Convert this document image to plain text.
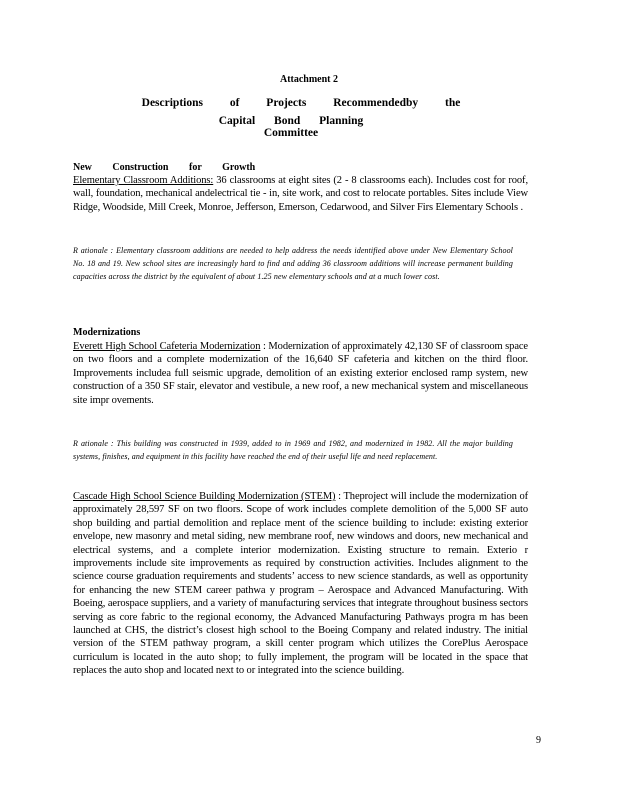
Attachment 2
Descriptions of Projects Recommendedby the
Capital Bond Planning Committee
New Construction for Growth
Elementary Classroom Additions: 36 classrooms at eight sites (2 - 8 classrooms each). Includes cost for roof, wall, foundation, mechanical andelectrical tie - in, site work, and cost to relocate portables. Sites include View Ridge, Woodside, Mill Creek, Monroe, Jefferson, Emerson, Cedarwood, and Silver Firs Elementary Schools .
R ationale : Elementary classroom additions are needed to help address the needs identified above under New Elementary School No. 18 and 19. New school sites are increasingly hard to find and adding 36 classroom additions will increase permanent building capacities across the district by the equivalent of about 1.25 new elementary schools and at a much lower cost.
Modernizations
Everett High School Cafeteria Modernization : Modernization of approximately 42,130 SF of classroom space on two floors and a complete modernization of the 16,640 SF cafeteria and kitchen on the third floor. Improvements includea full seismic upgrade, demolition of an existing exterior enclosed ramp system, new construction of a 350 SF stair, elevator and vestibule, a new roof, a new mechanical system and miscellaneous site impr ovements.
R ationale : This building was constructed in 1939, added to in 1969 and 1982, and modernized in 1982. All the major building systems, finishes, and equipment in this facility have reached the end of their useful life and need replacement.
Cascade High School Science Building Modernization (STEM) : Theproject will include the modernization of approximately 28,597 SF on two floors. Scope of work includes complete demolition of the 5,000 SF auto shop building and partial demolition and replace ment of the science building to include: existing exterior envelope, new masonry and metal siding, new membrane roof, new windows and doors, new mechanical and electrical systems, and a complete interior modernization. Existing structure to remain. Exterio r improvements include site improvements as required by construction activities. Includes alignment to the science course graduation requirements and students’ access to new science standards, as well as opportunity for enhancing the new STEM career pathwa y program – Aerospace and Advanced Manufacturing. With Boeing, aerospace suppliers, and a variety of manufacturing services that integrate throughout business sectors serving as core fabric to the regional economy, the Advanced Manufacturing Pathways progra m has been launched at CHS, the district’s closest high school to the Boeing Company and related industry. The initial version of the STEM pathway program, a skill center program which utilizes the CorePlus Aerospace curriculum is located in the auto shop; to fully implement, the program will be located in the space that replaces the auto shop and located next to or integrated into the science building.
9
